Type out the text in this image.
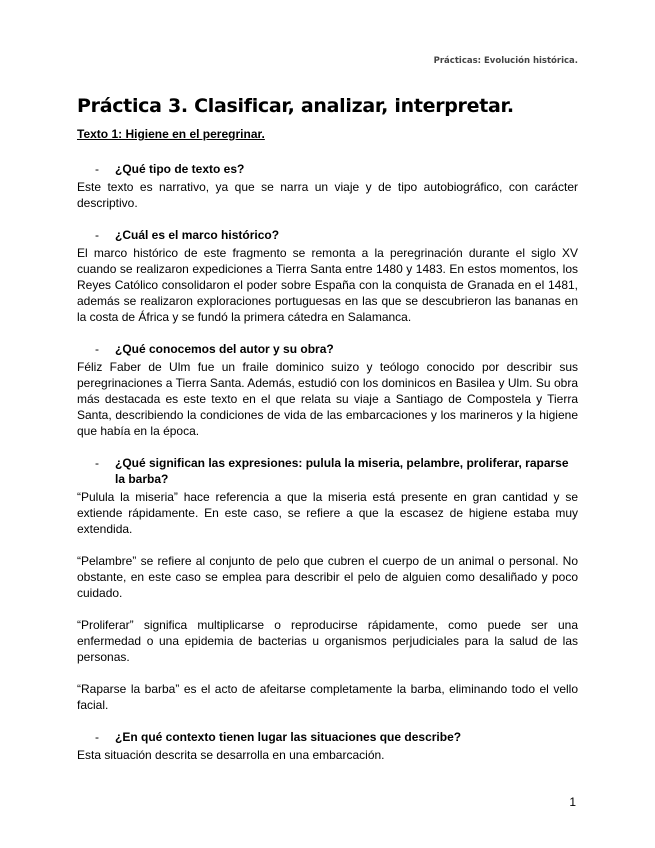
Prácticas: Evolución histórica.
Práctica 3. Clasificar, analizar, interpretar.
Texto 1: Higiene en el peregrinar.
-	¿Qué tipo de texto es?

Este texto es narrativo, ya que se narra un viaje y de tipo autobiográfico, con carácter descriptivo.

-	¿Cuál es el marco histórico?

El marco histórico de este fragmento se remonta a la peregrinación durante el siglo XV cuando se realizaron expediciones a Tierra Santa entre 1480 y 1483. En estos momentos, los Reyes Católico consolidaron el poder sobre España con la conquista de Granada en el 1481, además se realizaron exploraciones portuguesas en las que se descubrieron las bananas en la costa de África y se fundó la primera cátedra en Salamanca.

-	¿Qué conocemos del autor y su obra?

Féliz Faber de Ulm fue un fraile dominico suizo y teólogo conocido por describir sus peregrinaciones a Tierra Santa. Además, estudió con los dominicos en Basilea y Ulm. Su obra más destacada es este texto en el que relata su viaje a Santiago de Compostela y Tierra Santa, describiendo la condiciones de vida de las embarcaciones y los marineros y la higiene que había en la época.

-	¿Qué significan las expresiones: pulula la miseria, pelambre, proliferar, raparse la barba?

“Pulula la miseria” hace referencia a que la miseria está presente en gran cantidad y se extiende rápidamente. En este caso, se refiere a que la escasez de higiene estaba muy extendida.

“Pelambre” se refiere al conjunto de pelo que cubren el cuerpo de un animal o personal. No obstante, en este caso se emplea para describir el pelo de alguien como desaliñado y poco cuidado.

“Proliferar” significa multiplicarse o reproducirse rápidamente, como puede ser una enfermedad o una epidemia de bacterias u organismos perjudiciales para la salud de las personas.

“Raparse la barba” es el acto de afeitarse completamente la barba, eliminando todo el vello facial.

-	¿En qué contexto tienen lugar las situaciones que describe?

Esta situación descrita se desarrolla en una embarcación.

1
